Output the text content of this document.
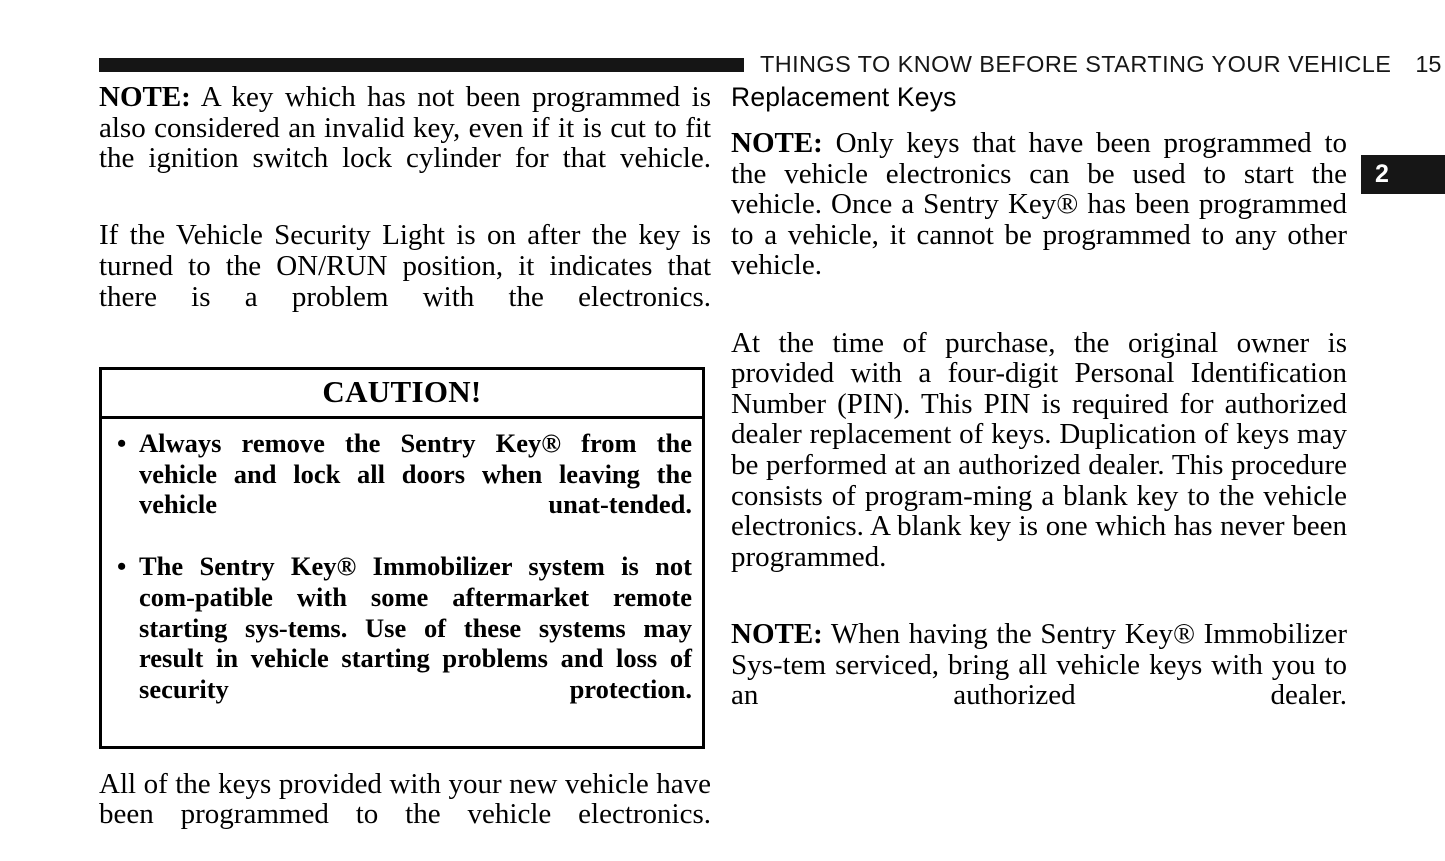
THINGS TO KNOW BEFORE STARTING YOUR VEHICLE 15
2

NOTE: A key which has not been programmed is also considered an invalid key, even if it is cut to fit the ignition switch lock cylinder for that vehicle.

If the Vehicle Security Light is on after the key is turned to the ON/RUN position, it indicates that there is a problem with the electronics.

CAUTION!
• Always remove the Sentry Key® from the vehicle and lock all doors when leaving the vehicle unat-tended.
• The Sentry Key® Immobilizer system is not com-patible with some aftermarket remote starting sys-tems. Use of these systems may result in vehicle starting problems and loss of security protection.

All of the keys provided with your new vehicle have been programmed to the vehicle electronics.

Replacement Keys

NOTE: Only keys that have been programmed to the vehicle electronics can be used to start the vehicle. Once a Sentry Key® has been programmed to a vehicle, it cannot be programmed to any other vehicle.

At the time of purchase, the original owner is provided with a four-digit Personal Identification Number (PIN). This PIN is required for authorized dealer replacement of keys. Duplication of keys may be performed at an authorized dealer. This procedure consists of program-ming a blank key to the vehicle electronics. A blank key is one which has never been programmed.

NOTE: When having the Sentry Key® Immobilizer Sys-tem serviced, bring all vehicle keys with you to an authorized dealer.
